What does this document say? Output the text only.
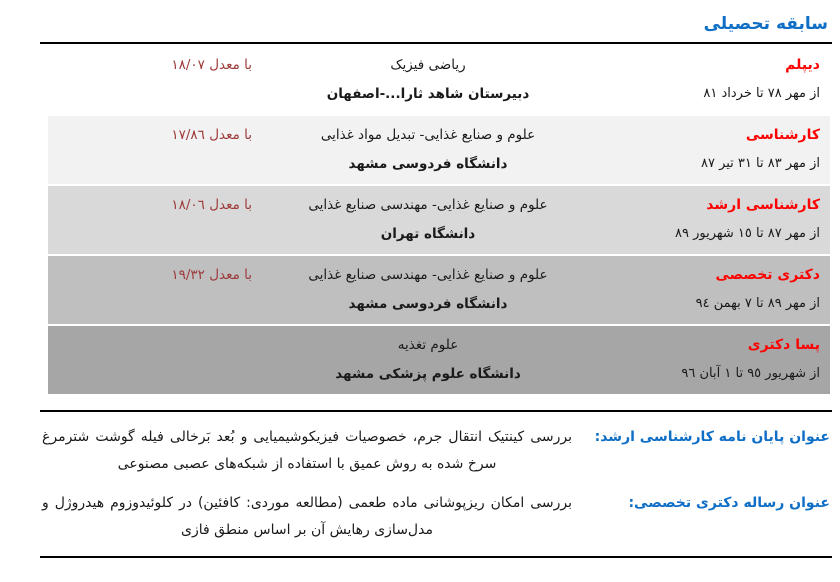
سابقه تحصیلی
دیپلم
از مهر ٧٨ تا خرداد ٨١
ریاضی فیزیک
دبیرستان شاهد ثارا...-اصفهان
با معدل ١٨/٠٧
کارشناسی
از مهر ٨٣ تا ٣١ تیر ٨٧
علوم و صنایع غذایی- تبدیل مواد غذایی
دانشگاه فردوسی مشهد
با معدل ١٧/٨٦
کارشناسی ارشد
از مهر ٨٧ تا ١٥ شهریور ٨٩
علوم و صنایع غذایی- مهندسی صنایع غذایی
دانشگاه تهران
با معدل ١٨/٠٦
دکتری تخصصی
از مهر ٨٩ تا ٧ بهمن ٩٤
علوم و صنایع غذایی- مهندسی صنایع غذایی
دانشگاه فردوسی مشهد
با معدل ١٩/٣٢
پسا دکتری
از شهریور ٩٥ تا ١ آبان ٩٦
علوم تغذیه
دانشگاه علوم پزشکی مشهد
عنوان پایان نامه کارشناسی ارشد:
بررسی کینتیک انتقال جرم، خصوصیات فیزیکوشیمیایی و بُعد بَرخالی فیله گوشت شترمرغ سرخ شده به روش عمیق با استفاده از شبکه‌های عصبی مصنوعی
عنوان رساله دکتری تخصصی:
بررسی امکان ریزپوشانی ماده طعمی (مطالعه موردی: کافئین) در کلوئیدوزوم هیدروژل و مدل‌سازی رهایش آن بر اساس منطق فازی
